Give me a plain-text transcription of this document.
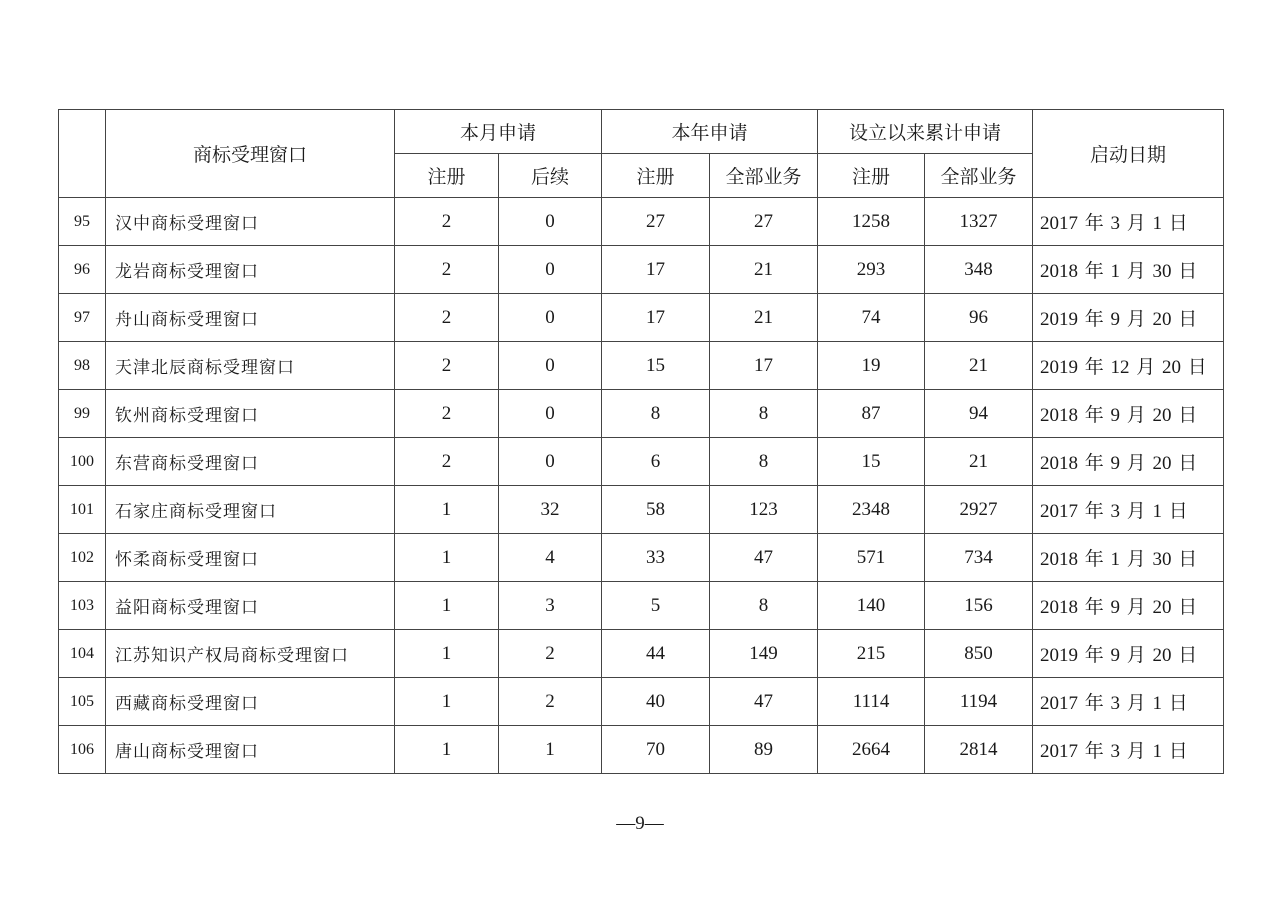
	商标受理窗口	本月申请		本年申请		设立以来累计申请		启动日期
		注册	后续	注册	全部业务	注册	全部业务	
95	汉中商标受理窗口	2	0	27	27	1258	1327	2017 年 3 月 1 日
96	龙岩商标受理窗口	2	0	17	21	293	348	2018 年 1 月 30 日
97	舟山商标受理窗口	2	0	17	21	74	96	2019 年 9 月 20 日
98	天津北辰商标受理窗口	2	0	15	17	19	21	2019 年 12 月 20 日
99	钦州商标受理窗口	2	0	8	8	87	94	2018 年 9 月 20 日
100	东营商标受理窗口	2	0	6	8	15	21	2018 年 9 月 20 日
101	石家庄商标受理窗口	1	32	58	123	2348	2927	2017 年 3 月 1 日
102	怀柔商标受理窗口	1	4	33	47	571	734	2018 年 1 月 30 日
103	益阳商标受理窗口	1	3	5	8	140	156	2018 年 9 月 20 日
104	江苏知识产权局商标受理窗口	1	2	44	149	215	850	2019 年 9 月 20 日
105	西藏商标受理窗口	1	2	40	47	1114	1194	2017 年 3 月 1 日
106	唐山商标受理窗口	1	1	70	89	2664	2814	2017 年 3 月 1 日
—9—
